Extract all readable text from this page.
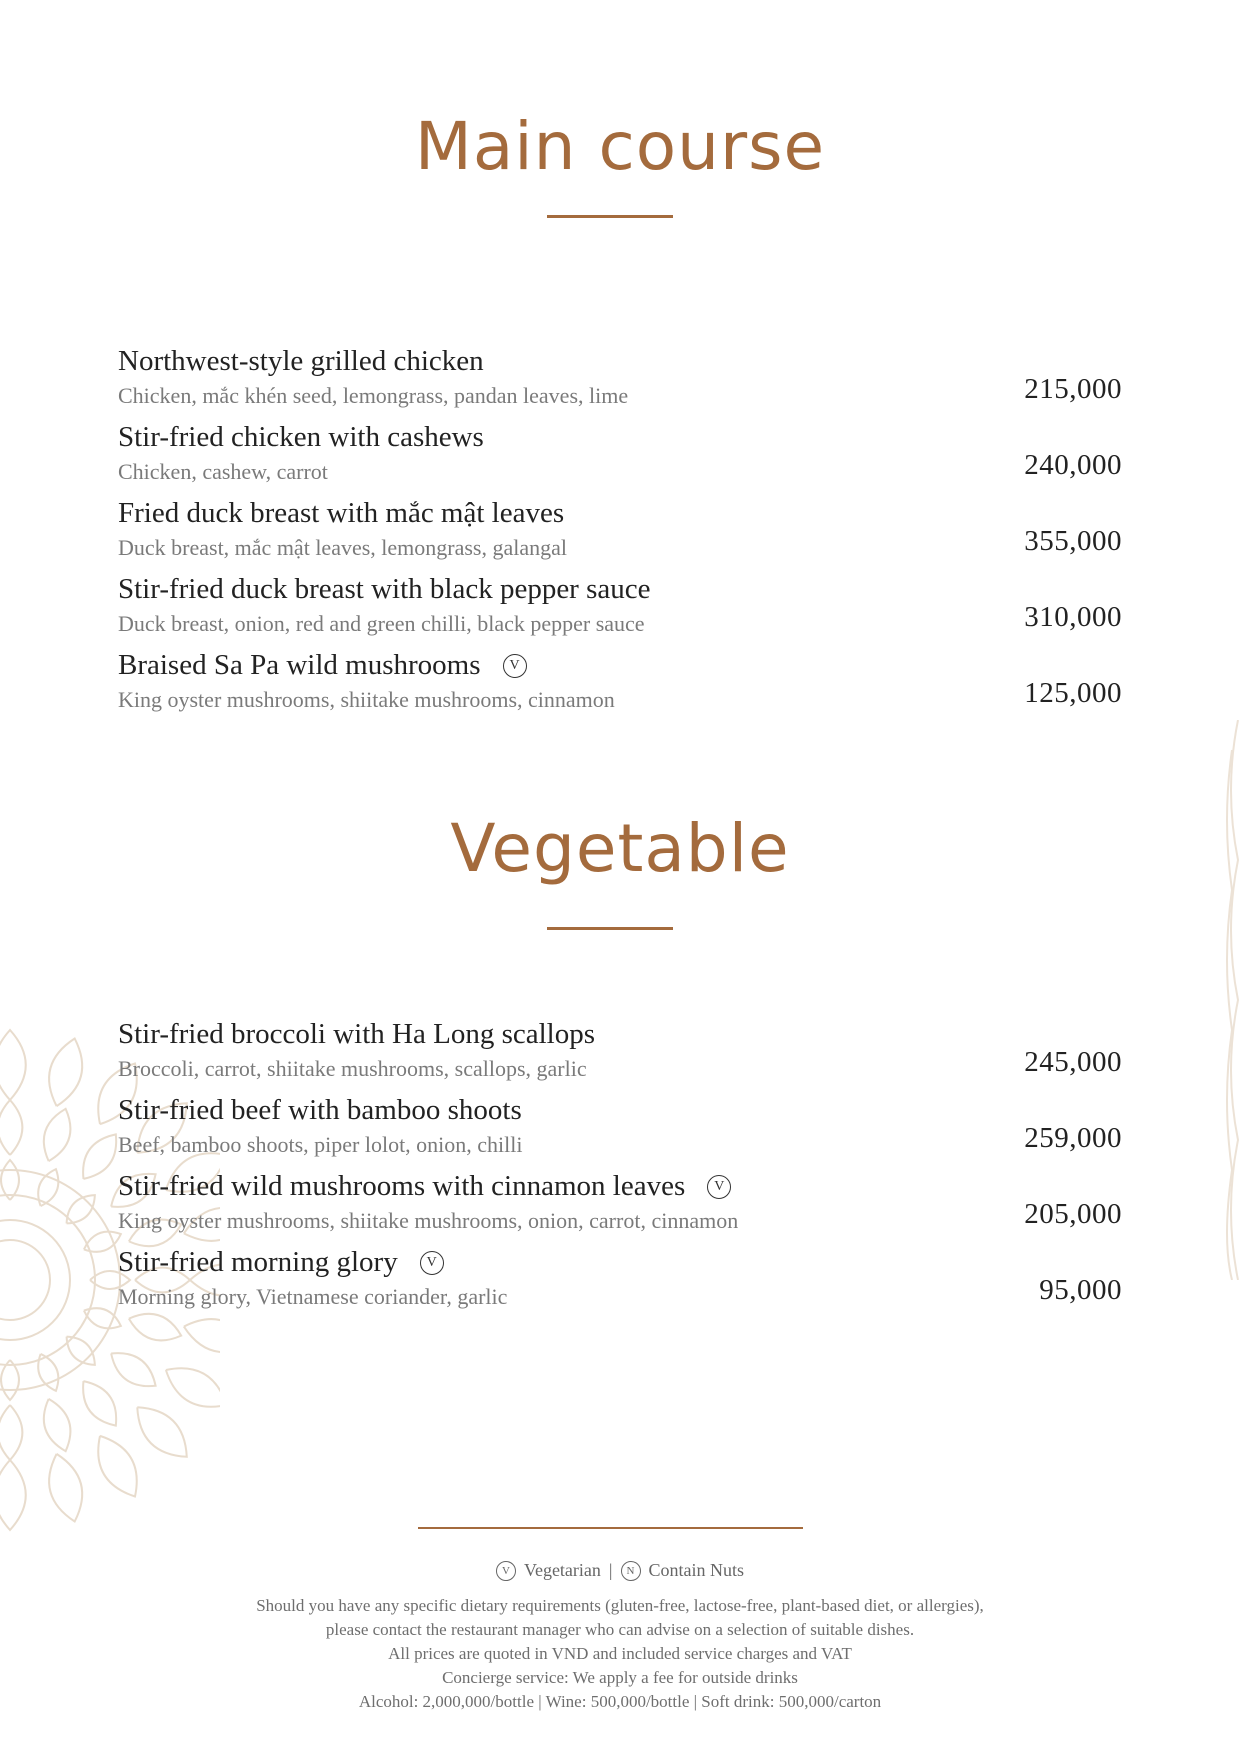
Main course
Northwest-style grilled chicken
Chicken, mắc khén seed, lemongrass, pandan leaves, lime	215,000
Stir-fried chicken with cashews
Chicken, cashew, carrot	240,000
Fried duck breast with mắc mật leaves
Duck breast, mắc mật leaves, lemongrass, galangal	355,000
Stir-fried duck breast with black pepper sauce
Duck breast, onion, red and green chilli, black pepper sauce	310,000
Braised Sa Pa wild mushrooms	V
King oyster mushrooms, shiitake mushrooms, cinnamon	125,000
Vegetable
Stir-fried broccoli with Ha Long scallops
Broccoli, carrot, shiitake mushrooms, scallops, garlic	245,000
Stir-fried beef with bamboo shoots
Beef, bamboo shoots, piper lolot, onion, chilli	259,000
Stir-fried wild mushrooms with cinnamon leaves	V
King oyster mushrooms, shiitake mushrooms, onion, carrot, cinnamon	205,000
Stir-fried morning glory	V
Morning glory, Vietnamese coriander, garlic	95,000
V Vegetarian |	N Contain Nuts
Should you have any specific dietary requirements (gluten-free, lactose-free, plant-based diet, or allergies),
please contact the restaurant manager who can advise on a selection of suitable dishes.
All prices are quoted in VND and included service charges and VAT
Concierge service: We apply a fee for outside drinks
Alcohol: 2,000,000/bottle | Wine: 500,000/bottle | Soft drink: 500,000/carton
